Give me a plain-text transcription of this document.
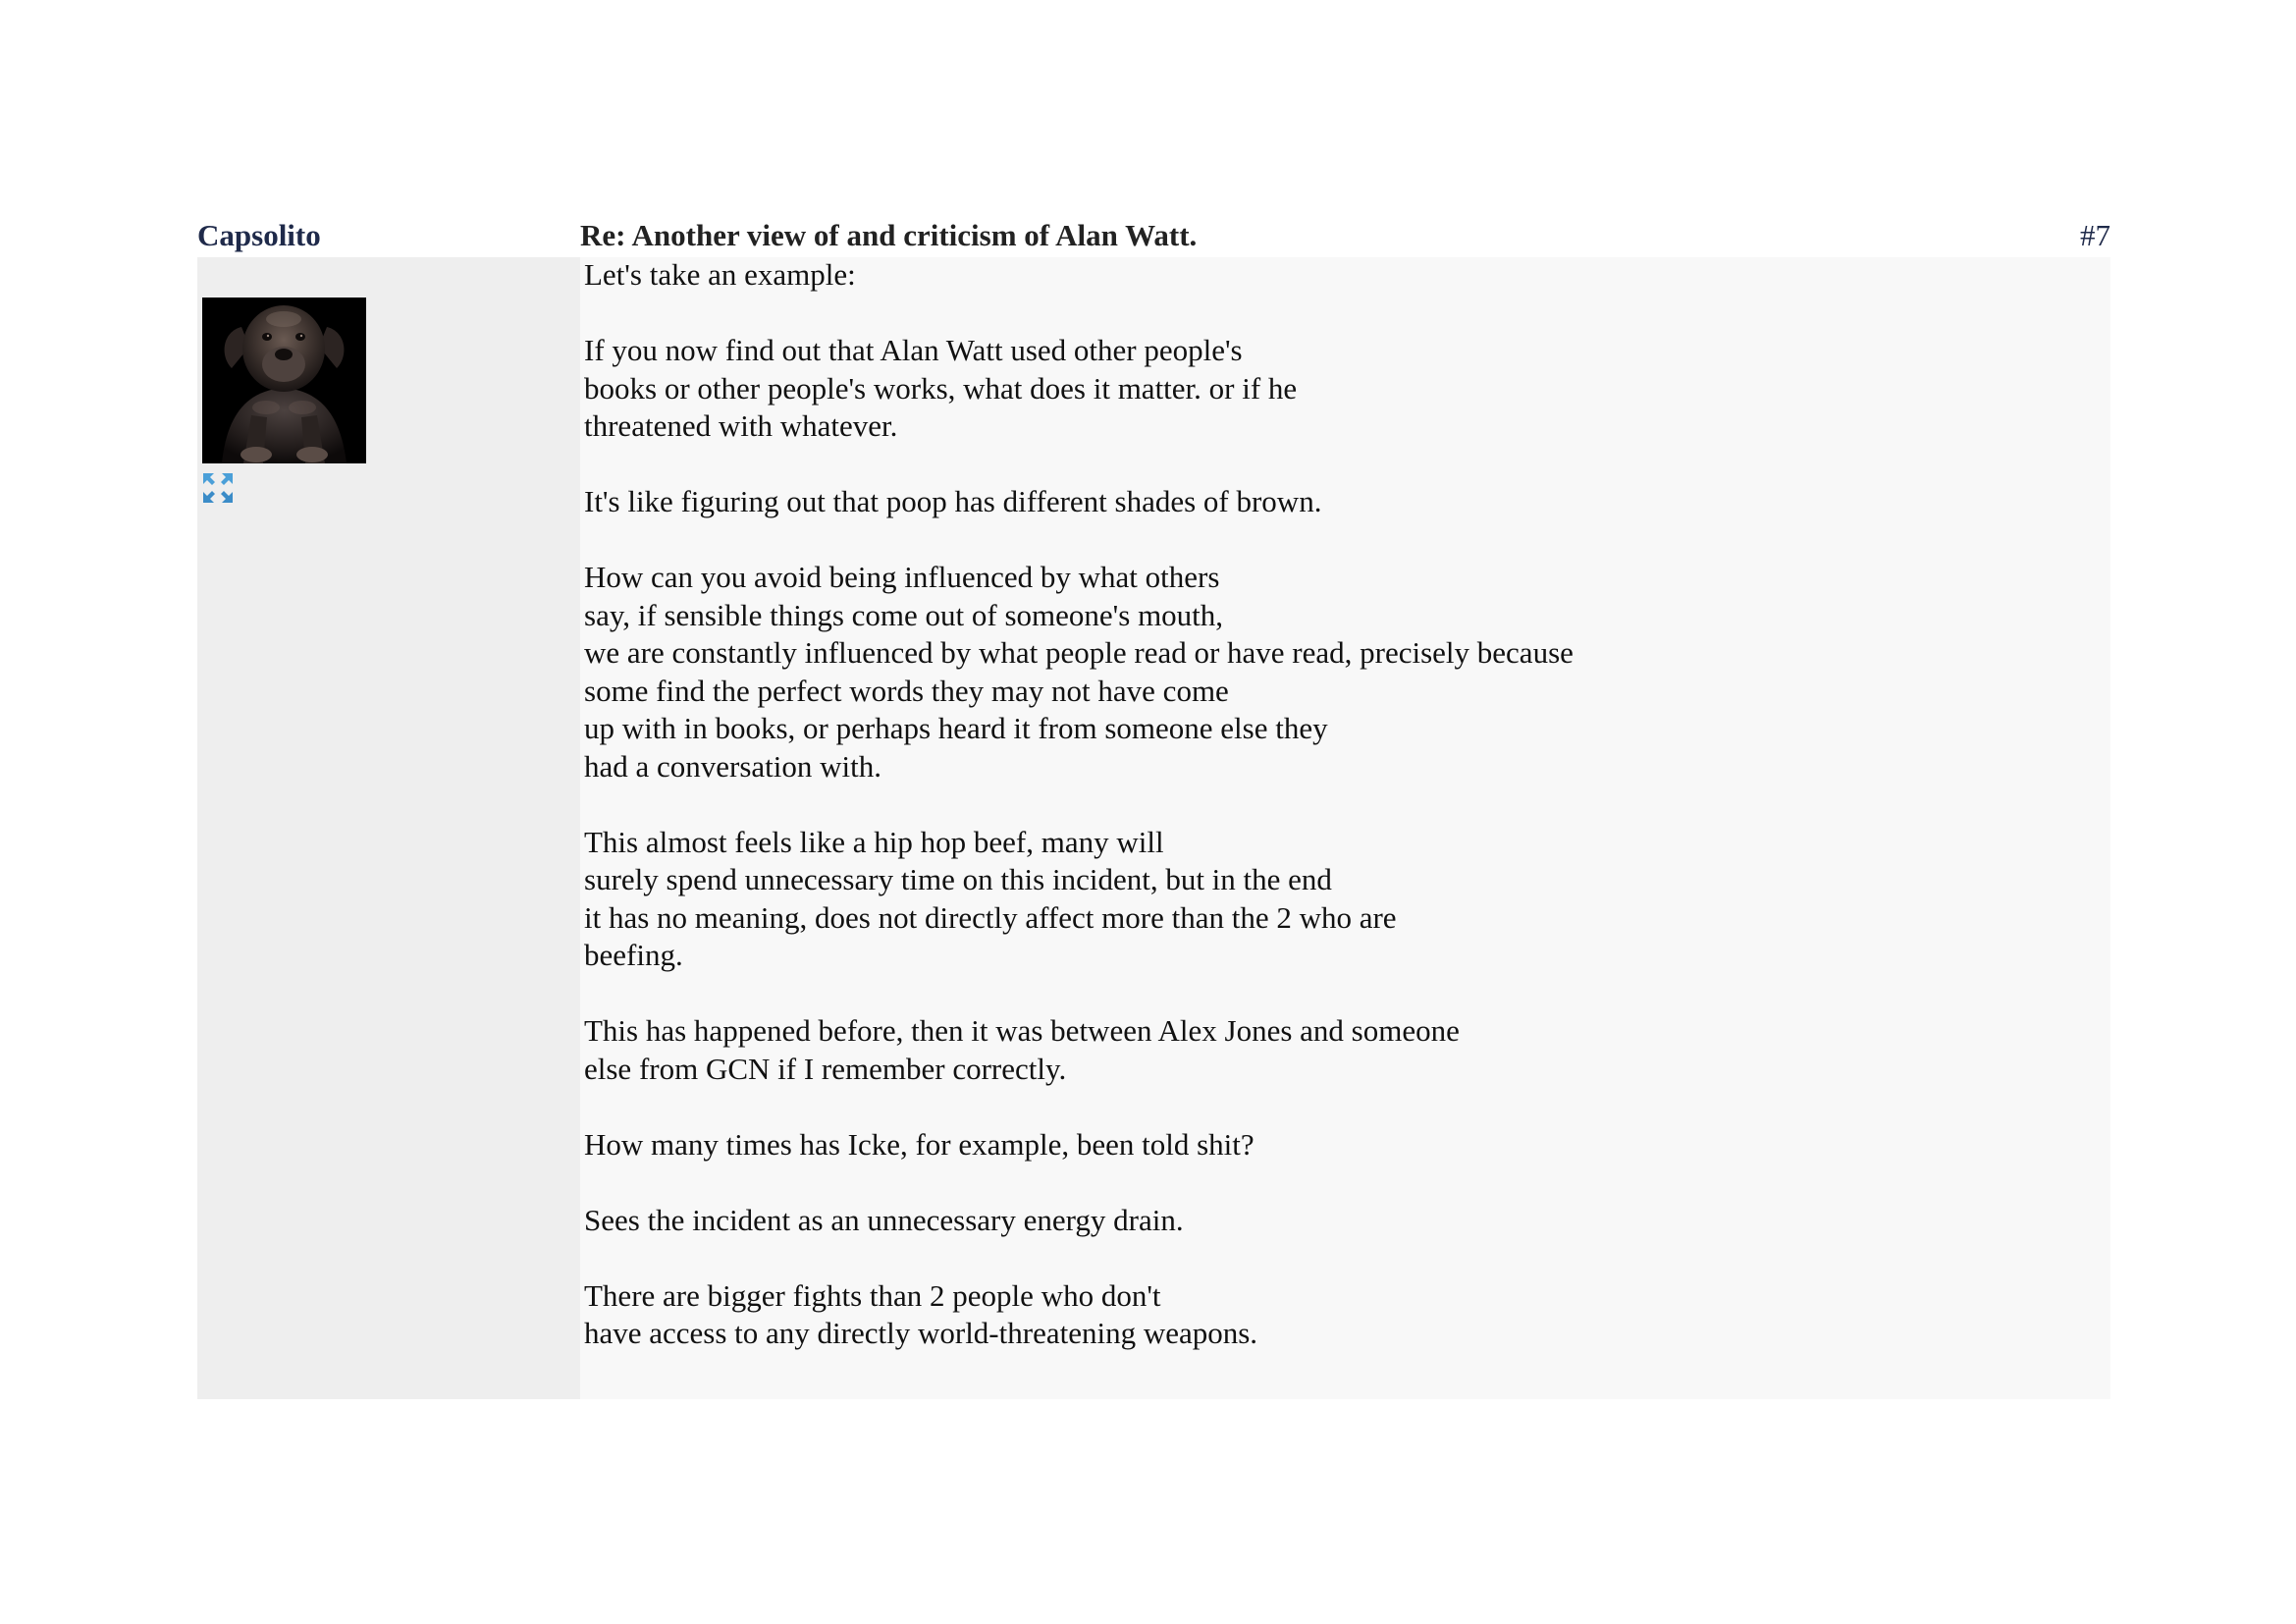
Capsolito	Re: Another view of and criticism of Alan Watt.	#7

Let's take an example:

If you now find out that Alan Watt used other people's
books or other people's works, what does it matter. or if he
threatened with whatever.

It's like figuring out that poop has different shades of brown.

How can you avoid being influenced by what others
say, if sensible things come out of someone's mouth,
we are constantly influenced by what people read or have read, precisely because
some find the perfect words they may not have come
up with in books, or perhaps heard it from someone else they
had a conversation with.

This almost feels like a hip hop beef, many will
surely spend unnecessary time on this incident, but in the end
it has no meaning, does not directly affect more than the 2 who are
beefing.

This has happened before, then it was between Alex Jones and someone
else from GCN if I remember correctly.

How many times has Icke, for example, been told shit?

Sees the incident as an unnecessary energy drain.

There are bigger fights than 2 people who don't
have access to any directly world-threatening weapons.
